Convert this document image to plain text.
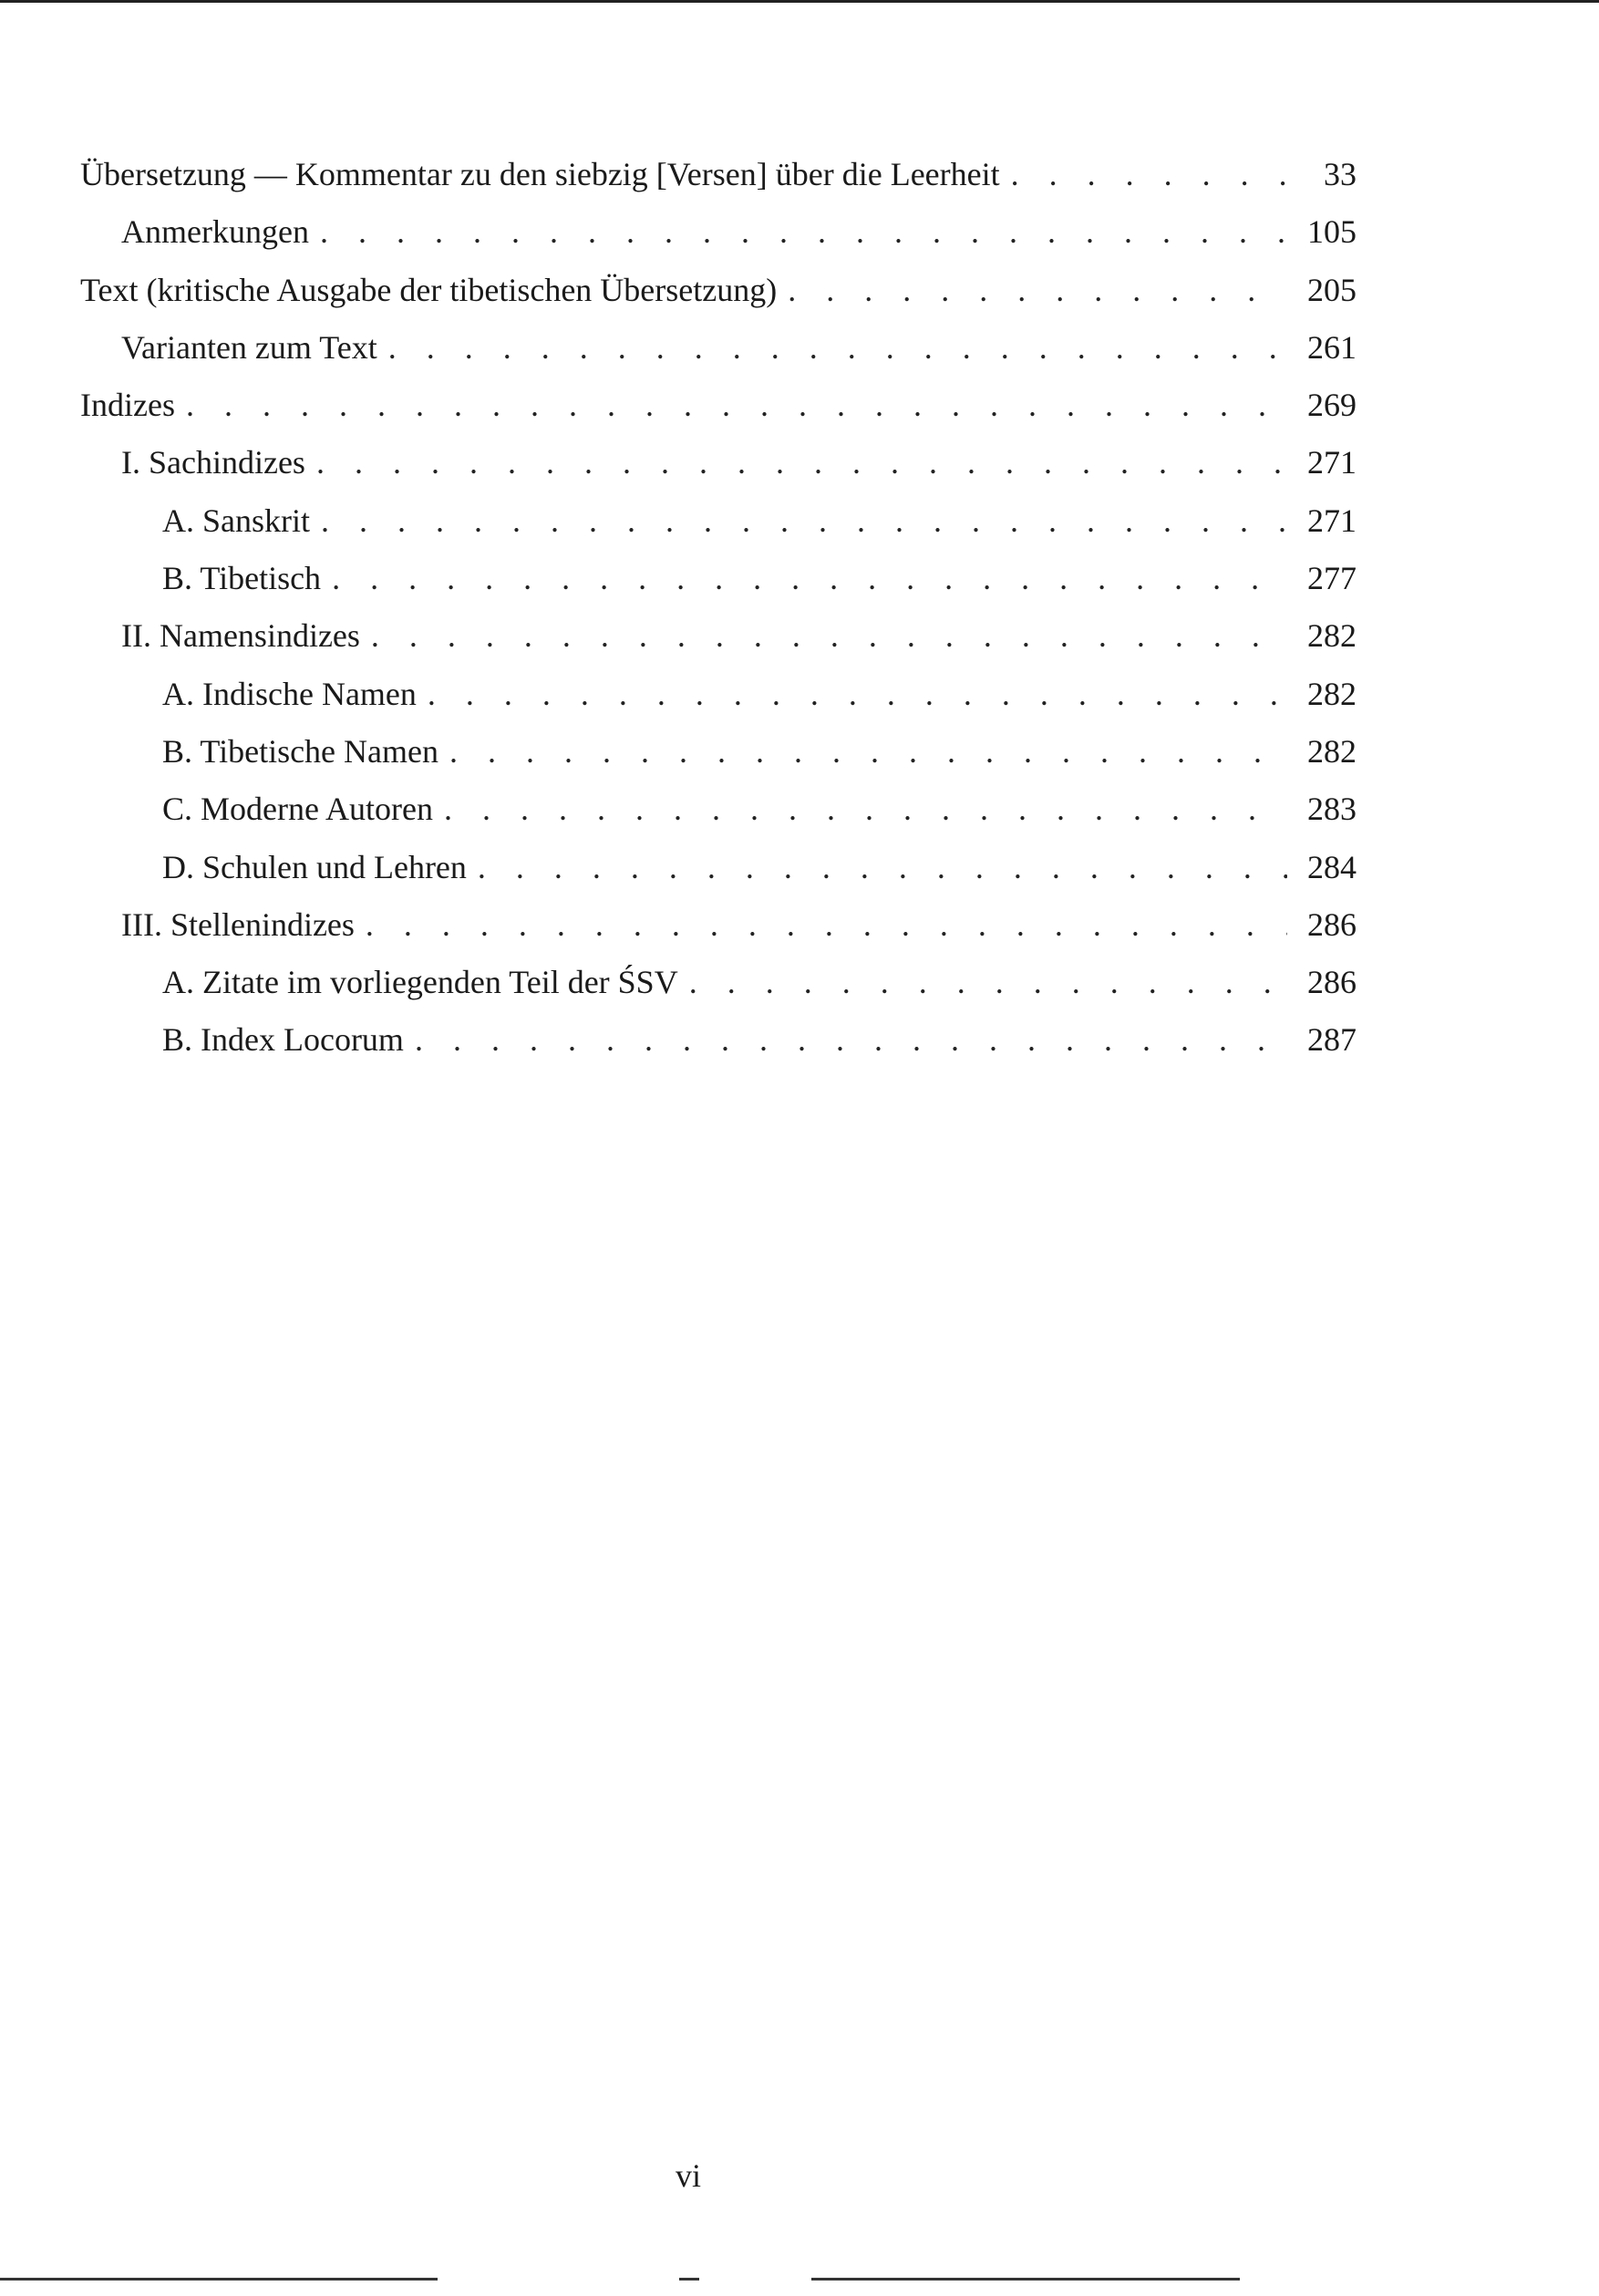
Übersetzung — Kommentar zu den siebzig [Versen] über die Leerheit . . .	33
Anmerkungen . . .	105
Text (kritische Ausgabe der tibetischen Übersetzung) . . .	205
Varianten zum Text . . .	261
Indizes . . .	269
I. Sachindizes . . .	271
A. Sanskrit . . .	271
B. Tibetisch . . .	277
II. Namensindizes . . .	282
A. Indische Namen . . .	282
B. Tibetische Namen . . .	282
C. Moderne Autoren . . .	283
D. Schulen und Lehren . . .	284
III. Stellenindizes . . .	286
A. Zitate im vorliegenden Teil der ŚSV . . .	286
B. Index Locorum . . .	287
vi
